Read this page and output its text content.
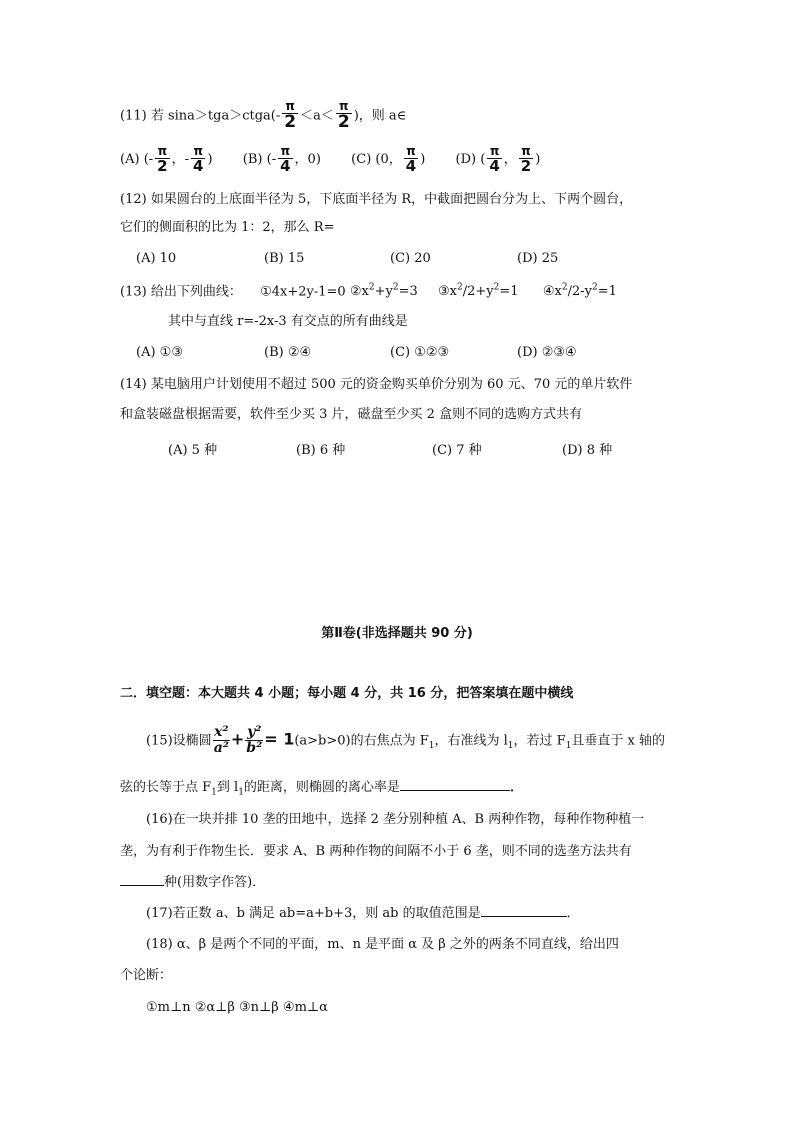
(11) 若 sina＞tga＞ctga(- $\frac{\pi}{2} <a< \frac{\pi}{2}$ )，则 a∈
(A) (- $\frac{\pi}{2}$ ，- $\frac{\pi}{4}$ ) (B) (- $\frac{\pi}{4}$ ，0) (C) (0， $\frac{\pi}{4}$ ) (D) ( $\frac{\pi}{4}$ ， $\frac{\pi}{2}$ )
(12) 如果圆台的上底面半径为 5，下底面半径为 R，中截面把圆台分为上、下两个圆台，
它们的侧面积的比为 1：2，那么 R=
(A) 10	(B) 15	(C) 20	(D) 25
(13) 给出下列曲线： ①4x+2y-1=0 $②x^2+y^2=3$ $③x^2/2+y^2=1$ $④x^2/2-y^2=1$
其中与直线 r=-2x-3 有交点的所有曲线是
(A) ①③	(B) ②④	(C) ①②③	(D) ②③④
(14) 某电脑用户计划使用不超过 500 元的资金购买单价分别为 60 元、70 元的单片软件
和盒装磁盘根据需要，软件至少买 3 片，磁盘至少买 2 盒则不同的选购方式共有
(A) 5 种	(B) 6 种	(C) 7 种	(D) 8 种
第Ⅱ卷(非选择题共 90 分)
二．填空题：本大题共 4 小题；每小题 4 分，共 16 分，把答案填在题中横线
(15)设椭圆 $\frac{\text{x²}}{\text{a²}} + \frac{\text{y²}}{\text{b²}} = 1(a>b>0)$的右焦点为 $F_1$，右准线为 $l_1$，若过 $F_1$且垂直于 x 轴的
弦的长等于点 $F_1$到 $l_1$的距离，则椭圆的离心率是	．
(16)在一块并排 10 垄的田地中，选择 2 垄分别种植 A、B 两种作物，每种作物种植一
垄，为有利于作物生长．要求 A、B 两种作物的间隔不小于 6 垄，则不同的选垄方法共有
种(用数字作答)．
(17)若正数 a、b 满足 ab=a+b+3，则 ab 的取值范围是	．
(18) α、β 是两个不同的平面，m、n 是平面 α 及 β 之外的两条不同直线，给出四
个论断：
①m⊥n ②α⊥β ③n⊥β ④m⊥α
